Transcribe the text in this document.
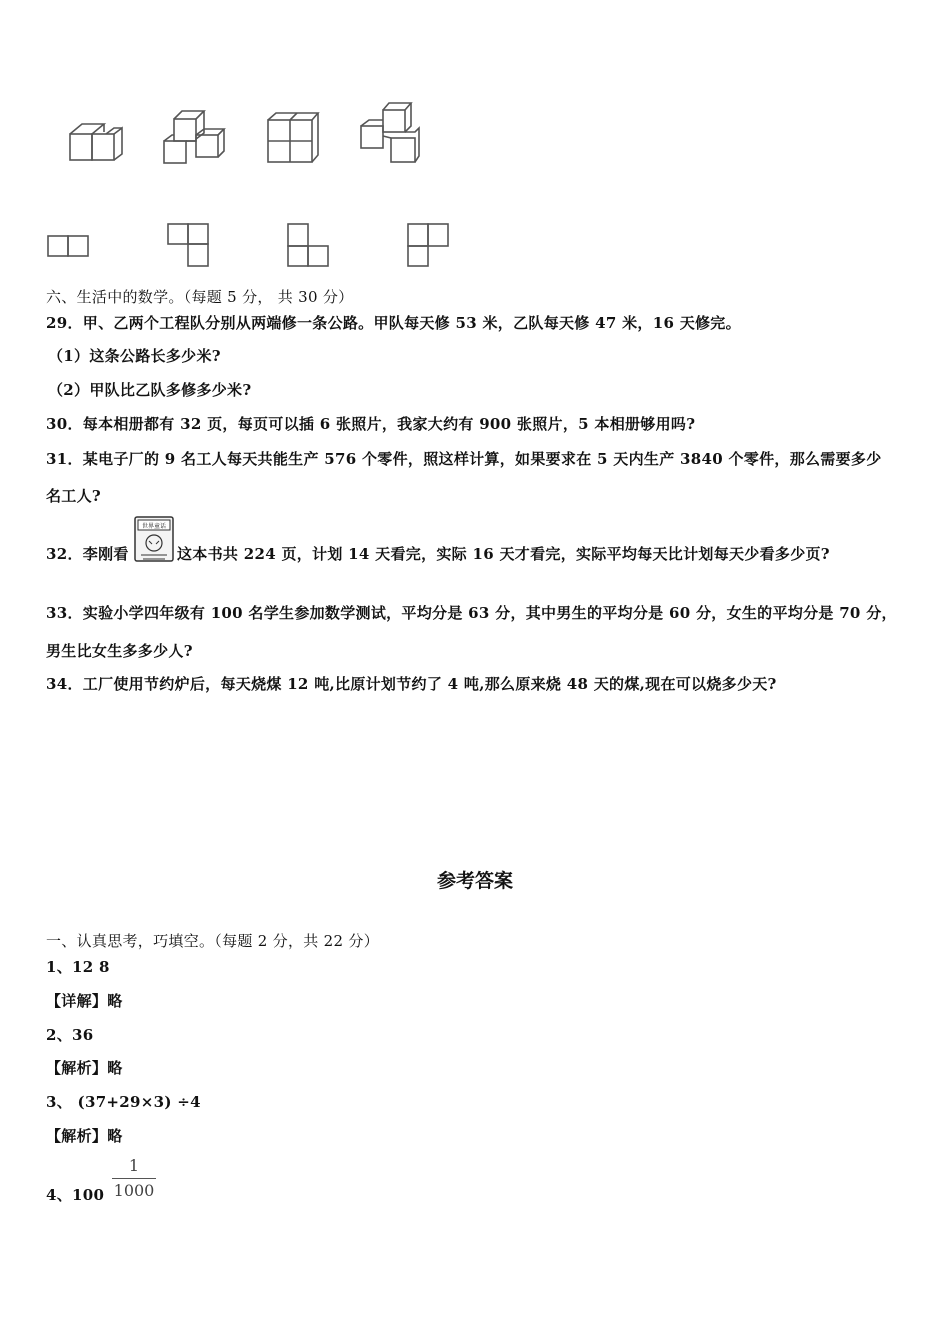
六、生活中的数学。（每题 5 分， 共 30 分）
29．甲、乙两个工程队分别从两端修一条公路。甲队每天修 53 米，乙队每天修 47 米，16 天修完。
（1）这条公路长多少米?
（2）甲队比乙队多修多少米?
30．每本相册都有 32 页，每页可以插 6 张照片，我家大约有 900 张照片，5 本相册够用吗?
31．某电子厂的 9 名工人每天共能生产 576 个零件，照这样计算，如果要求在 5 天内生产 3840 个零件，那么需要多少
名工人?
32．李刚看
世界童话
这本书共 224 页，计划 14 天看完，实际 16 天才看完，实际平均每天比计划每天少看多少页?
33．实验小学四年级有 100 名学生参加数学测试，平均分是 63 分，其中男生的平均分是 60 分，女生的平均分是 70 分，
男生比女生多多少人?
34．工厂使用节约炉后，每天烧煤 12 吨,比原计划节约了 4 吨,那么原来烧 48 天的煤,现在可以烧多少天?
参考答案
一、认真思考，巧填空。（每题 2 分，共 22 分）
1、12 8
【详解】略
2、36
【解析】略
3、 (37+29×3) ÷4
【解析】略
4、100
1
1000
